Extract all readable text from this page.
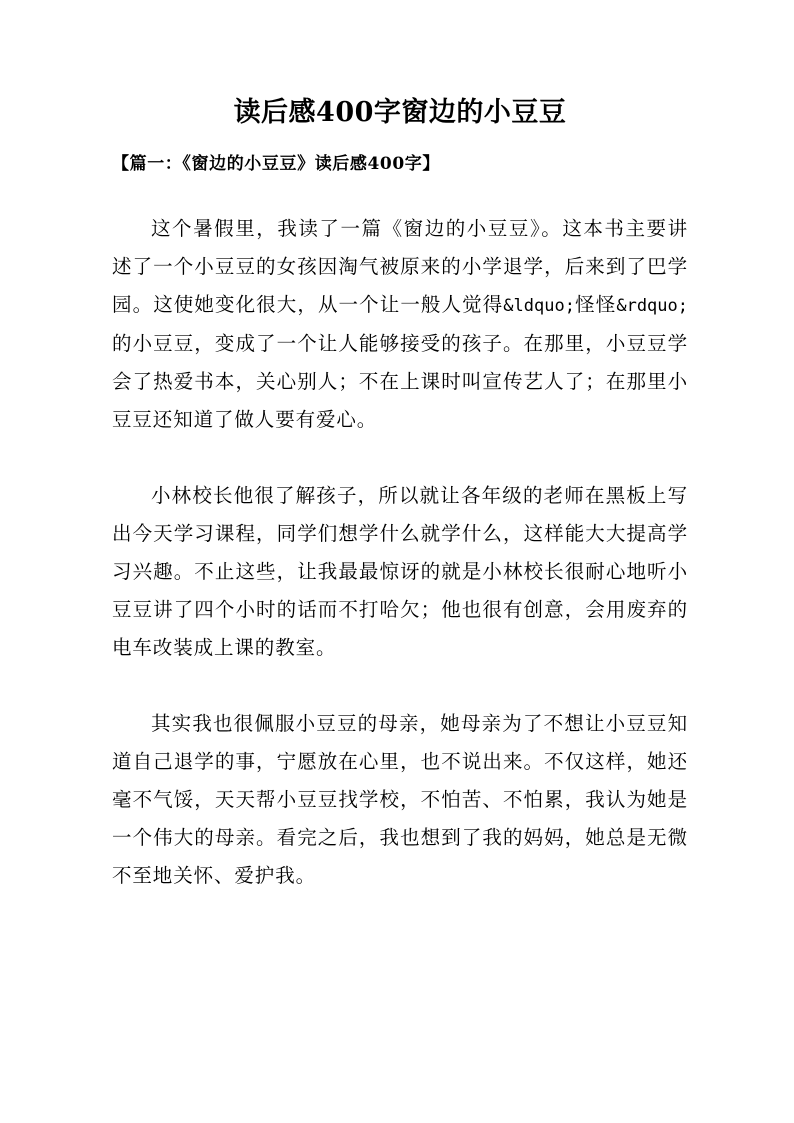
读后感400字窗边的小豆豆
【篇一：《窗边的小豆豆》读后感400字】

这个暑假里，我读了一篇《窗边的小豆豆》。这本书主要讲述了一个小豆豆的女孩因淘气被原来的小学退学，后来到了巴学园。这使她变化很大，从一个让一般人觉得&ldquo;怪怪&rdquo;的小豆豆，变成了一个让人能够接受的孩子。在那里，小豆豆学会了热爱书本，关心别人；不在上课时叫宣传艺人了；在那里小豆豆还知道了做人要有爱心。

小林校长他很了解孩子，所以就让各年级的老师在黑板上写出今天学习课程，同学们想学什么就学什么，这样能大大提高学习兴趣。不止这些，让我最最惊讶的就是小林校长很耐心地听小豆豆讲了四个小时的话而不打哈欠；他也很有创意，会用废弃的电车改装成上课的教室。

其实我也很佩服小豆豆的母亲，她母亲为了不想让小豆豆知道自己退学的事，宁愿放在心里，也不说出来。不仅这样，她还毫不气馁，天天帮小豆豆找学校，不怕苦、不怕累，我认为她是一个伟大的母亲。看完之后，我也想到了我的妈妈，她总是无微不至地关怀、爱护我。
